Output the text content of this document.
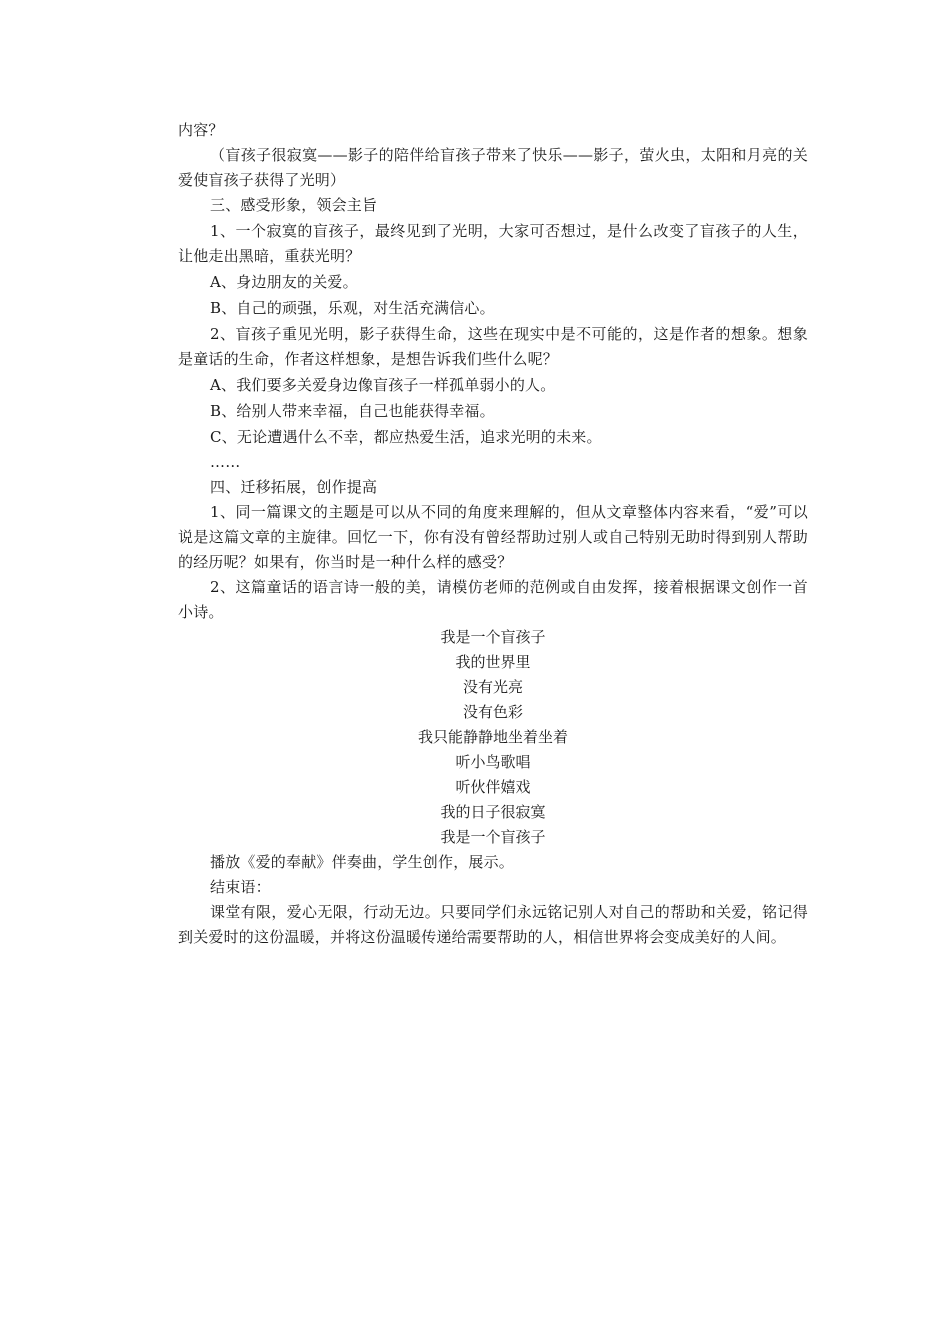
内容？

（盲孩子很寂寞——影子的陪伴给盲孩子带来了快乐——影子，萤火虫，太阳和月亮的关爱使盲孩子获得了光明）

三、感受形象，领会主旨

1、一个寂寞的盲孩子，最终见到了光明，大家可否想过，是什么改变了盲孩子的人生，让他走出黑暗，重获光明？

A、身边朋友的关爱。

B、自己的顽强，乐观，对生活充满信心。

2、盲孩子重见光明，影子获得生命，这些在现实中是不可能的，这是作者的想象。想象是童话的生命，作者这样想象，是想告诉我们些什么呢？

A、我们要多关爱身边像盲孩子一样孤单弱小的人。

B、给别人带来幸福，自己也能获得幸福。

C、无论遭遇什么不幸，都应热爱生活，追求光明的未来。

……

四、迁移拓展，创作提高

1、同一篇课文的主题是可以从不同的角度来理解的，但从文章整体内容来看，“爱”可以说是这篇文章的主旋律。回忆一下，你有没有曾经帮助过别人或自己特别无助时得到别人帮助的经历呢？如果有，你当时是一种什么样的感受？

2、这篇童话的语言诗一般的美，请模仿老师的范例或自由发挥，接着根据课文创作一首小诗。

我是一个盲孩子
我的世界里
没有光亮
没有色彩
我只能静静地坐着坐着
听小鸟歌唱
听伙伴嬉戏
我的日子很寂寞
我是一个盲孩子

播放《爱的奉献》伴奏曲，学生创作，展示。

结束语：

课堂有限，爱心无限，行动无边。只要同学们永远铭记别人对自己的帮助和关爱，铭记得到关爱时的这份温暖，并将这份温暖传递给需要帮助的人，相信世界将会变成美好的人间。
